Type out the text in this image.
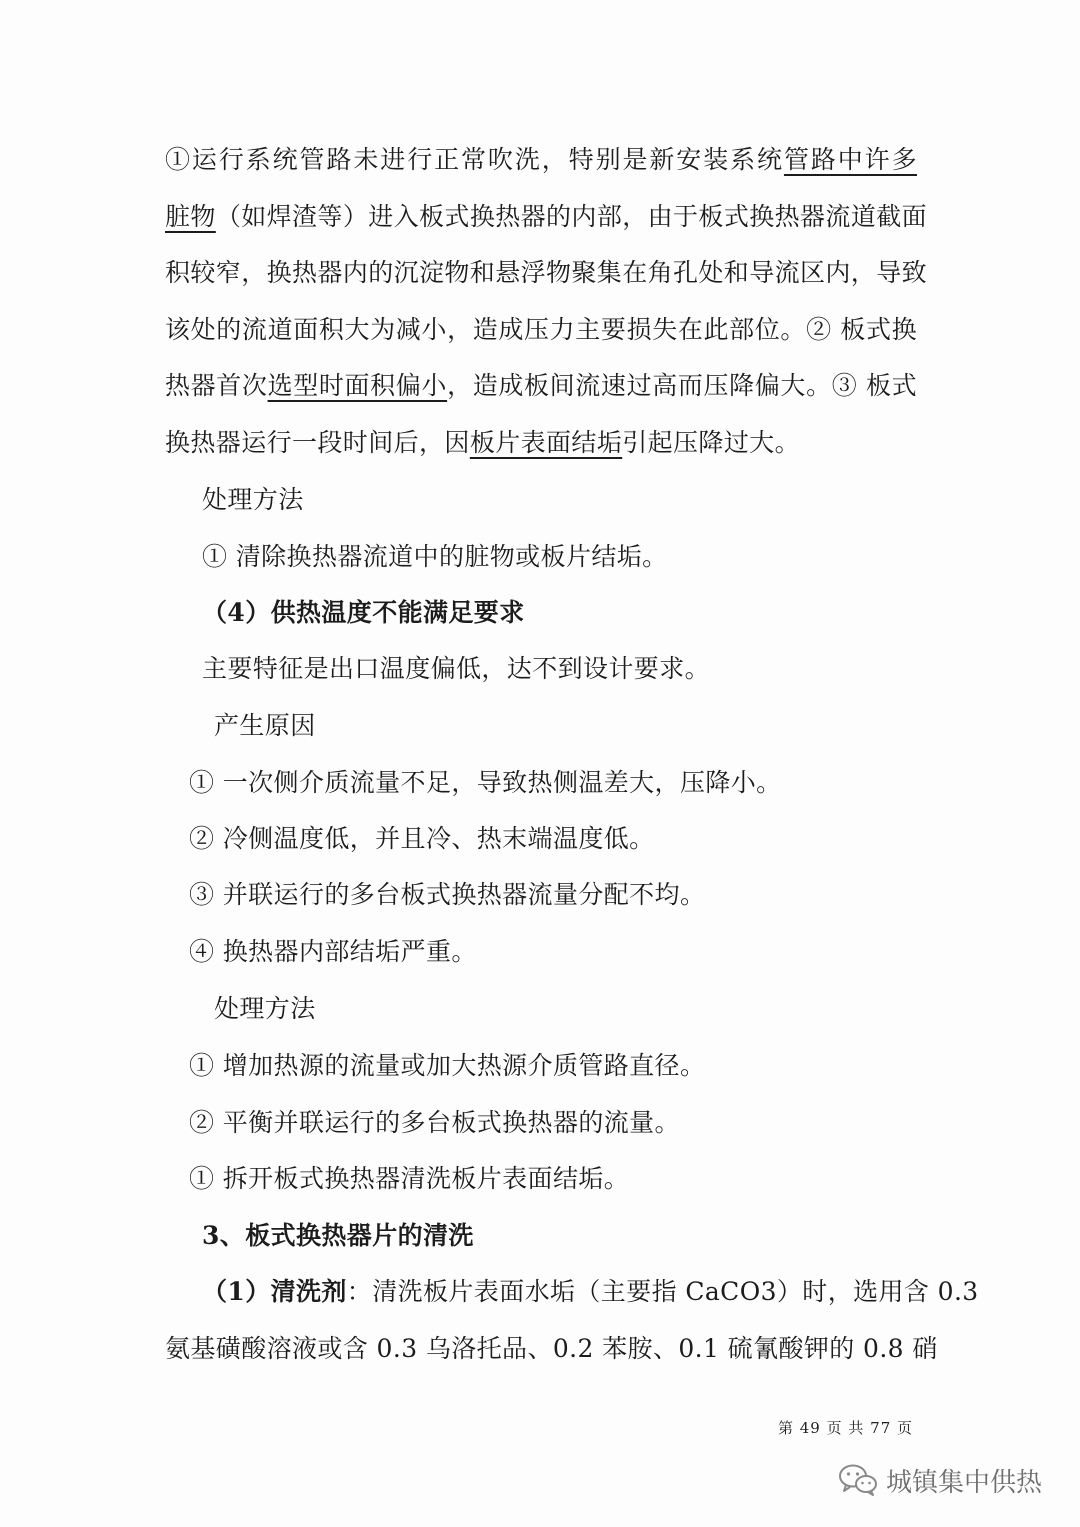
①运行系统管路未进行正常吹洗，特别是新安装系统管路中许多
脏物（如焊渣等）进入板式换热器的内部，由于板式换热器流道截面
积较窄，换热器内的沉淀物和悬浮物聚集在角孔处和导流区内，导致
该处的流道面积大为减小，造成压力主要损失在此部位。② 板式换
热器首次选型时面积偏小，造成板间流速过高而压降偏大。③ 板式
换热器运行一段时间后，因板片表面结垢引起压降过大。
处理方法
① 清除换热器流道中的脏物或板片结垢。
（4）供热温度不能满足要求
主要特征是出口温度偏低，达不到设计要求。
产生原因
① 一次侧介质流量不足，导致热侧温差大，压降小。
② 冷侧温度低，并且冷、热末端温度低。
③ 并联运行的多台板式换热器流量分配不均。
④ 换热器内部结垢严重。
处理方法
① 增加热源的流量或加大热源介质管路直径。
② 平衡并联运行的多台板式换热器的流量。
① 拆开板式换热器清洗板片表面结垢。
3、板式换热器片的清洗
（1）清洗剂：清洗板片表面水垢（主要指 CaCO3）时，选用含 0.3
氨基磺酸溶液或含 0.3 乌洛托品、0.2 苯胺、0.1 硫氰酸钾的 0.8 硝
第 49 页 共 77 页
城镇集中供热
